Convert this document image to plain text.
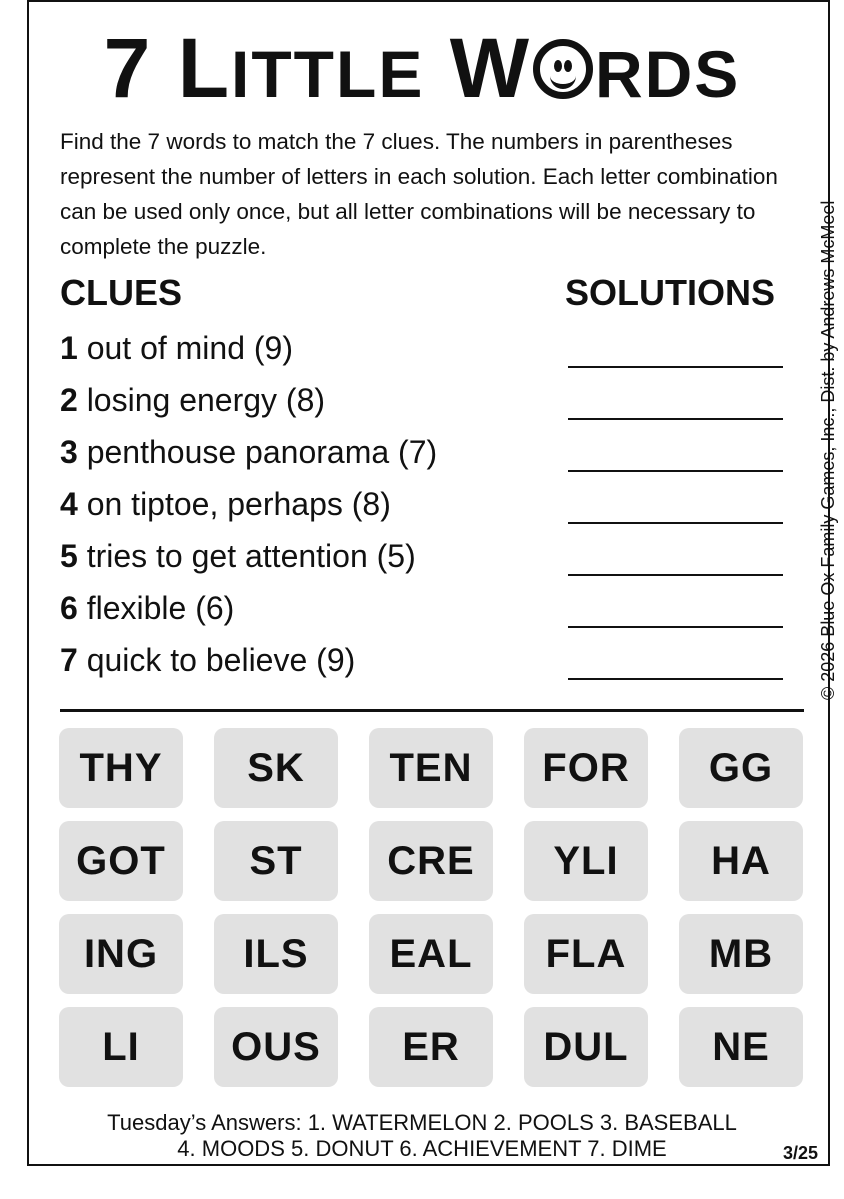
7 LITTLE W RDS
Find the 7 words to match the 7 clues. The numbers in parentheses represent the number of letters in each solution. Each letter combination can be used only once, but all letter combinations will be necessary to complete the puzzle.	© 2026 Blue Ox Family Games, Inc., Dist. by Andrews McMeel
CLUES	SOLUTIONS
1 out of mind (9)
2 losing energy (8)
3 penthouse panorama (7)
4 on tiptoe, perhaps (8)
5 tries to get attention (5)
6 flexible (6)
7 quick to believe (9)
THY	SK	TEN	FOR	GG
GOT	ST	CRE	YLI	HA
ING	ILS	EAL	FLA	MB
LI	OUS	ER	DUL	NE
Tuesday’s Answers: 1. WATERMELON 2. POOLS 3. BASEBALL
4. MOODS 5. DONUT 6. ACHIEVEMENT 7. DIME	3/25
